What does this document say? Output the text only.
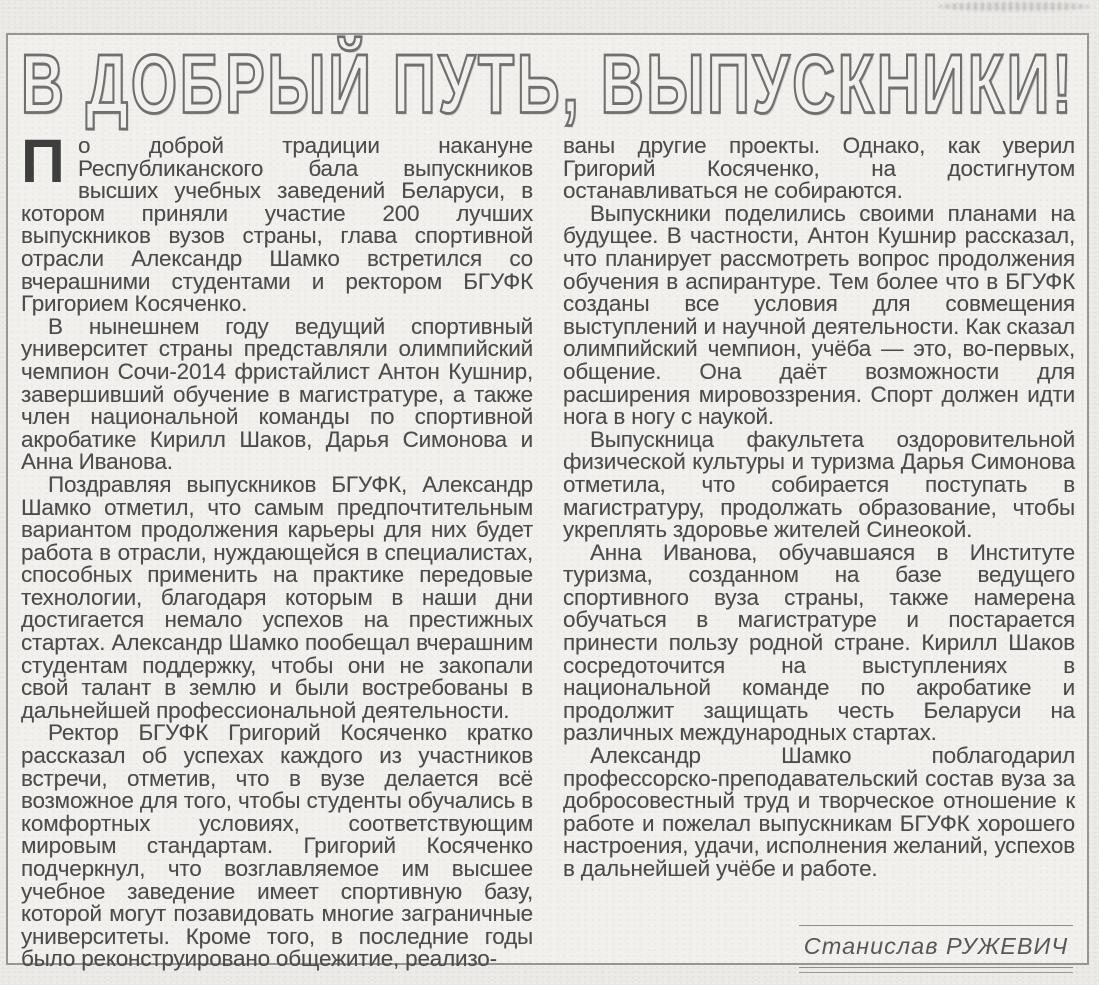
В ДОБРЫЙ ПУТЬ, ВЫПУСКНИКИ!

По доброй традиции накануне Республиканского бала выпускников высших учебных заведений Беларуси, в котором приняли участие 200 лучших выпускников вузов страны, глава спортивной отрасли Александр Шамко встретился со вчерашними студентами и ректором БГУФК Григорием Косяченко.

В нынешнем году ведущий спортивный университет страны представляли олимпийский чемпион Сочи-2014 фристайлист Антон Кушнир, завершивший обучение в магистратуре, а также член национальной команды по спортивной акробатике Кирилл Шаков, Дарья Симонова и Анна Иванова.

Поздравляя выпускников БГУФК, Александр Шамко отметил, что самым предпочтительным вариантом продолжения карьеры для них будет работа в отрасли, нуждающейся в специалистах, способных применить на практике передовые технологии, благодаря которым в наши дни достигается немало успехов на престижных стартах. Александр Шамко пообещал вчерашним студентам поддержку, чтобы они не закопали свой талант в землю и были востребованы в дальнейшей профессиональной деятельности.

Ректор БГУФК Григорий Косяченко кратко рассказал об успехах каждого из участников встречи, отметив, что в вузе делается всё возможное для того, чтобы студенты обучались в комфортных условиях, соответствующим мировым стандартам. Григорий Косяченко подчеркнул, что возглавляемое им высшее учебное заведение имеет спортивную базу, которой могут позавидовать многие заграничные университеты. Кроме того, в последние годы было реконструировано общежитие, реализо-

ваны другие проекты. Однако, как уверил Григорий Косяченко, на достигнутом останавливаться не собираются.

Выпускники поделились своими планами на будущее. В частности, Антон Кушнир рассказал, что планирует рассмотреть вопрос продолжения обучения в аспирантуре. Тем более что в БГУФК созданы все условия для совмещения выступлений и научной деятельности. Как сказал олимпийский чемпион, учёба — это, во-первых, общение. Она даёт возможности для расширения мировоззрения. Спорт должен идти нога в ногу с наукой.

Выпускница факультета оздоровительной физической культуры и туризма Дарья Симонова отметила, что собирается поступать в магистратуру, продолжать образование, чтобы укреплять здоровье жителей Синеокой.

Анна Иванова, обучавшаяся в Институте туризма, созданном на базе ведущего спортивного вуза страны, также намерена обучаться в магистратуре и постарается принести пользу родной стране. Кирилл Шаков сосредоточится на выступлениях в национальной команде по акробатике и продолжит защищать честь Беларуси на различных международных стартах.

Александр Шамко поблагодарил профессорско-преподавательский состав вуза за добросовестный труд и творческое отношение к работе и пожелал выпускникам БГУФК хорошего настроения, удачи, исполнения желаний, успехов в дальнейшей учёбе и работе.

Станислав РУЖЕВИЧ
